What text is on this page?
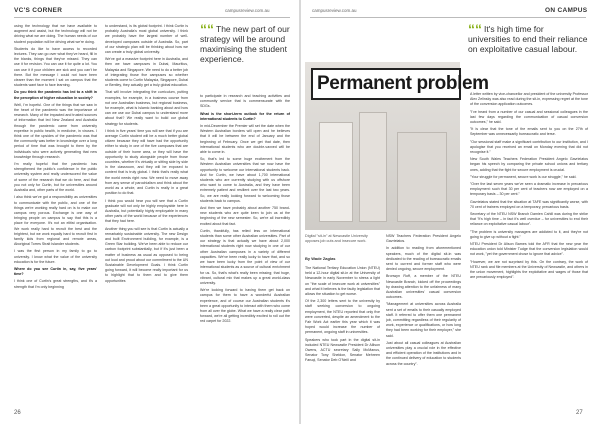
VC'S CORNER	campusreview.com.au

using the technology that we have available to augment and assist, but the technology will not be driving what we are doing. The human needs of our student population will be driving what we're doing.

Students do like to have access to recorded lectures. They can go over what they've heard, fill in the blanks, things that they've missed. They can use it for revision. You can use it for quite a lot. You can use it if your children are sick and you can't be there. But the message I could not have been clearer than the moment I sat on campus that the students want face to face learning.

Do you think the pandemic has led to a shift in the perception of higher education in society?

Well, I'm hopeful. One of the things that we saw in the heart of the pandemic was the importance of research. Many of the impacted and trusted sources of information that led New Zealand and Australia through the pandemic came from university expertise in public health, in medicine, in viruses. I think one of the upsides of the pandemic was that the community was better in knowledge over a long period of time that was brought to them by the individuals who were actively generating that new knowledge through research.

I'm really hopeful that the pandemic has strengthened the public's confidence in the public university system and really underscored the value of some of the research that we do here, and that you not only for Curtin, but for universities around Australia and, other parts of the world.

I also think we've got a responsibility as universities to communicate with the public, and one of the things we're working really hard on is to make our campus very porous. Exchange is one way of bringing people on campus to say that this is a place for everyone. It's not an elitist organisation. We work really hard to recruit the best and the brightest, but we work equally hard to recruit first in family kids from regional and remote areas, Aboriginal Torres Strait Islander students.

I was the first person in my family to go to university. I know what the value of the university education is for the future.

Where do you see Curtin in, say, five years' time?

I think one of Curtin's great strengths, and it's a strength that I'm only beginning

to understand, is its global footprint. I think Curtin is probably Australia's most global university. I think we probably have the largest number of well-developed campuses outside of Australia. So, part of our strategic plan will be thinking about how we can create a truly global university.

We've got a massive footprint here in Australia, and then we have campuses in Dubai, Mauritius, Malaysia and Singapore. We need to do a better job of integrating those five campuses so whether students come to Curtin Malaysia, Singapore, Dubai or Bentley, they actually get a truly global education.

That will involve integrating the curriculum, putting examples, for example, in a business course from not one Australian business, but regional business, for example, what is Islamic banking about and how can we use our Dubai campus to understand more about that? We really want to build our global strategy for students.

I think in five years' time you will see that if you are average Curtin student will be a much better global citizen because they will have had the opportunity either to study in one of the five campuses that are outside of their home area, or they will have the opportunity to study alongside people from those countries, whether it's virtually or sitting side by side in the classroom, and they will be exposed to content that is truly global. I think that's really what the world needs right now. We need to move away from any sense of parochialism and think about the world as a whole, and Curtin is really in a great position to do that.

I think you would hear you will see that a Curtin graduate will not only be highly employable here in Australia, but potentially highly employable in many other parts of the world because of the experiences that they had here.

Another thing you will see is that Curtin is actually a remarkably sustainable university. The new Design and built Environment building, for example, is a Green Star building. We've been able to reduce our carbon footprint substantially, but if it's just been a matter of business as usual as opposed to being out loud and proud about our commitment to the UN Sustainable Development Goals. I think Curtin going forward, it will become really important for us to highlight that to them and to give them opportunities

““ The new part of our strategy will be around maximising the student experience.

to participate in research and teaching activities and community service that is commensurate with the SDGs.

What is the short-term outlook for the return of international students to Curtin?

In mid-December the Premier will set the date when the Western Australian borders will open and he believes that it will be between the end of January and the beginning of February. Once we get that date, then international students who are double-vaxxed will be able to come in.

So, that's led to some huge excitement from the Western Australian universities that we now have the opportunity to welcome our international students back. And for Curtin, we have about 1,700 international students who are currently studying with us offshore who want to come to Australia, and they have been extremely patient and resilient over the last two years. So, we are really looking forward to welcoming those students back to campus.

And then we have probably about another 750 brand-new students who are quite keen to join us at the beginning of the new semester. So, we're all incredibly excited about that fact.

Curtin, thankfully, has relied less on international students than some other Australian universities. Part of our strategy is that actually we have about 2,000 international students right now studying in one of our other Australian campuses in a variety of different capacities. We've been really lucky to have that, and so we have been lucky from the point of view of our international students as a source of cultural enrichment for us. So, that's what's really been missing; that huge, vibrant, cultural mix that makes up a great world-class university.

We're looking forward to having them get back on campus for them to have a wonderful Australian experience, and of course our Australian students it's been a great opportunity to interact with them who come from all over the globe. What we have a really clear path forward, we're all getting incredibly excited to roll out the red carpet for 2022.

26
campusreview.com.au	ON CAMPUS
Permanent problem
““ It's high time for universities to end their reliance on exploitative casual labour.
Digital "sit-in" at Newcastle University opposes job cuts and insecure work.
By Wade Zaglas

The National Tertiary Education Union (NTEU) held a 12-hour digital sit-in at the University of Newcastle in early November to stress a light on "the scale of insecure work at universities" and what it believes is the faulty legislation that allows the situation to get worse.

Of the 2,300 letters sent to the university by staff seeking conversion to ongoing employment, the NTEU reported that only five were converted, despite an amendment to the Fair Work Act earlier this year which it was hoped would increase the number of permanent, ongoing staff in universities.

Speakers who took part in the digital sit-in included NTEU Newcastle President Dr Allison Owens, ACTU secretary Sally McManus, Senator Tony Sheldon, Senator Mehreen Faruqi, Senator Deb O'Neill and

NSW Teachers Federation President Angelo Gavrielatos.

In addition to reading from aforementioned speakers, much of the digital sit-in was dedicated to the reading of bureaucratic emails sent to current and former staff who were denied ongoing, secure employment.

Bronwyn Roff, a member of the NTEU Newcastle Branch, kicked off the proceedings by drawing attention to the unfairness of many Australian universities' casual conversion outcomes.

"Management at universities across Australia sent a set of emails to their casually employed staff. It referred to offer them one permanent job, committing regardless of their regularity of work, experience or qualifications, or how long they had been working for their employer," she said.

Just about all casual colleagues at Australian universities play a crucial role in the effective and efficient operation of the institutions and in the continued delivery of education to students across the country".

A letter written by vice-chancellor and president of the university Professor Alex Zelinsky was also read during the sit-in, expressing regret at the tone of the conversion application outcomes.

"I've heard from a number of our casual and sessional colleagues in the last few days regarding the communication of casual conversion outcomes," he said.

"It is clear that the tone of the emails sent to you on the 27th of September was unnecessarily bureaucratic and terse.

"Our sessional staff make a significant contribution to our institution, and I apologise that you received an email on Monday evening that did not recognise it."

New South Wales Teachers Federation President Angelo Gavrielatos began his speech by comparing the private school unions and tertiary ones, adding that the fight for secure employment is crucial.

"Your struggle for permanent, secure work is our struggle," he said.

"Over the last seven years we've seen a dramatic increase in precarious employment: such that 30 per cent of teachers now are employed on a temporary basis – 30 per cent."

Gavrielatos stated that the situation at TAFE was significantly worse, with 70 cent of trainers employed on a temporary, precarious basis.

Secretary of the NTEU NSW Branch Damien Cahill was during the strike that "it's high time – in fact it's well overdue – for universities to end their reliance on exploitative casual labour".

"The problem is university managers are addicted to it, and they're not going to give up without a fight."

NTEU President Dr Alison Barnes told the AFR that the new year the education union told Minister Tudge that the conversion legislation would not work, "yet the government chose to ignore that advice".

"However, we are not surprised by this. On the contrary, the work of NTEU rank and file members at the University of Newcastle, and others in the union movement, highlights the exploitative and wages of those that are precariously employed".

27
